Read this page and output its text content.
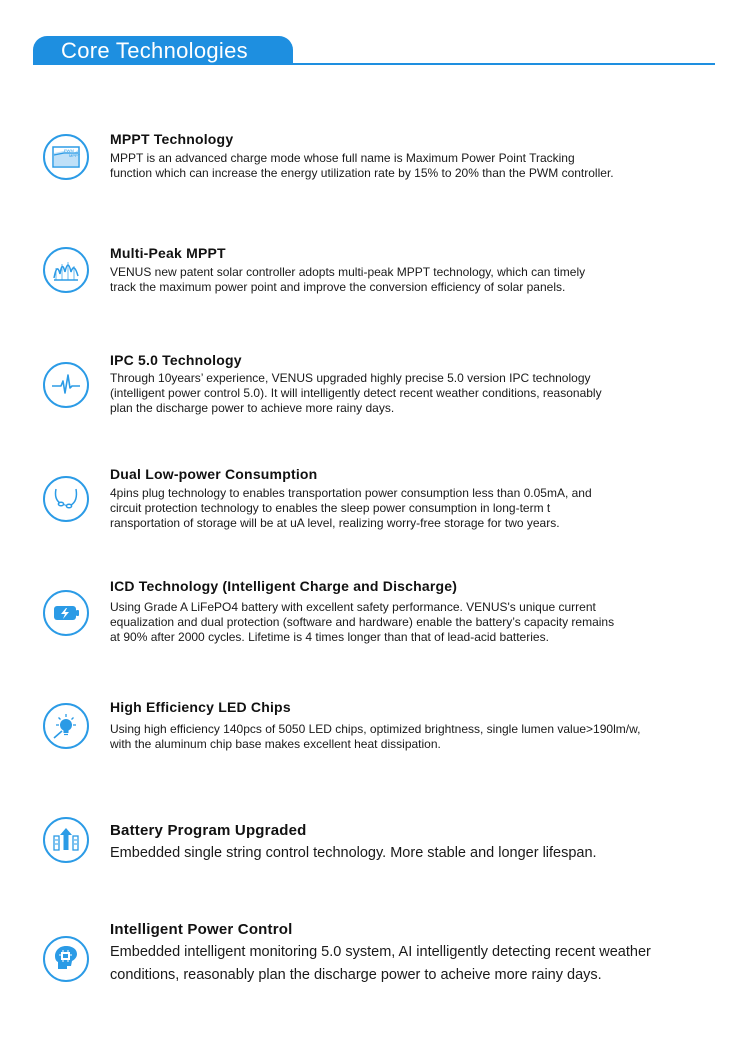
Core Technologies
PWM
MPPT
MPPT Technology
MPPT is an advanced charge mode whose full name is Maximum Power Point Tracking
function which can increase the energy utilization rate by 15% to 20% than the PWM controller.
Multi-Peak MPPT
VENUS new patent solar controller adopts multi-peak MPPT technology, which can timely
track the maximum power point and improve the conversion efficiency of solar panels.
IPC 5.0 Technology
Through 10years’ experience, VENUS upgraded highly precise 5.0 version IPC technology
(intelligent power control 5.0). It will intelligently detect recent weather conditions, reasonably
plan the discharge power to achieve more rainy days.
Dual Low-power Consumption
4pins plug technology to enables transportation power consumption less than 0.05mA, and
circuit protection technology to enables the sleep power consumption in long-term t
ransportation of storage will be at uA level, realizing worry-free storage for two years.
ICD Technology (Intelligent Charge and Discharge)
Using Grade A LiFePO4 battery with excellent safety performance. VENUS's unique current
equalization and dual protection (software and hardware) enable the battery’s capacity remains
at 90% after 2000 cycles. Lifetime is 4 times longer than that of lead-acid batteries.
High Efficiency LED Chips
Using high efficiency 140pcs of 5050 LED chips, optimized brightness, single lumen value>190lm/w,
with the aluminum chip base makes excellent heat dissipation.
Battery Program Upgraded
Embedded single string control technology. More stable and longer lifespan.
Intelligent Power Control
Embedded intelligent monitoring 5.0 system, AI intelligently detecting recent weather
conditions, reasonably plan the discharge power to acheive more rainy days.
